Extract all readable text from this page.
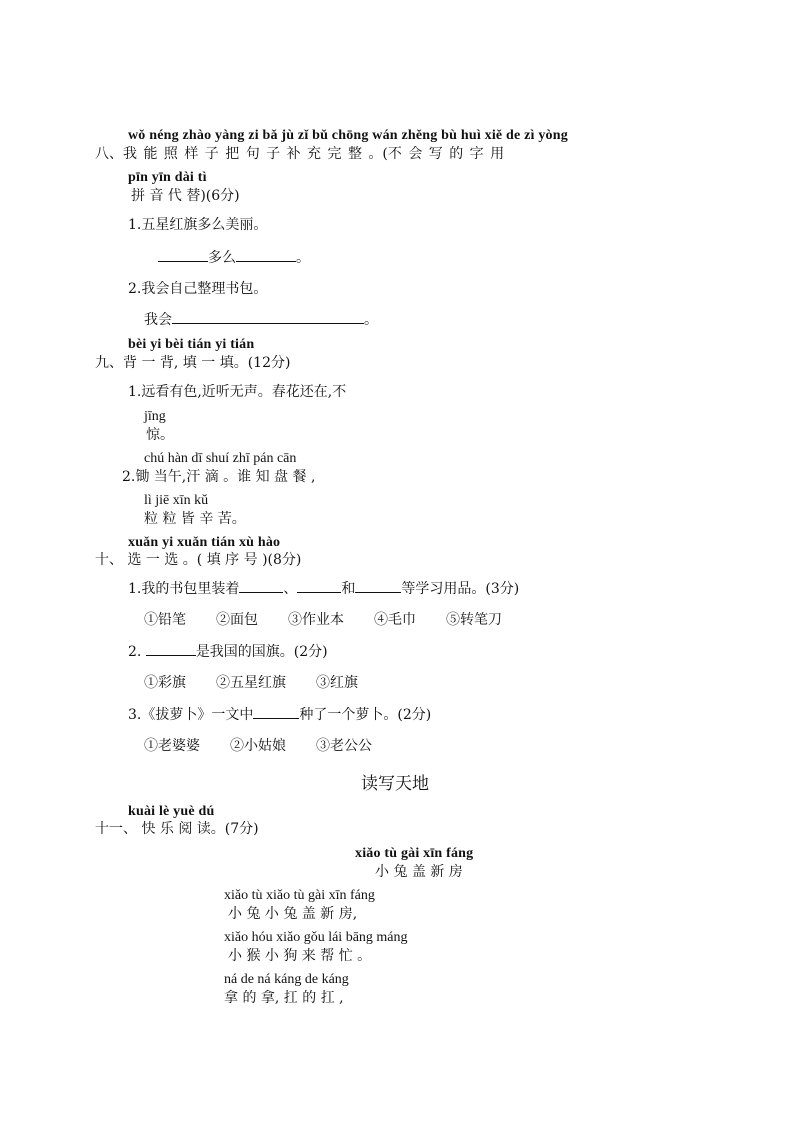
wǒ néng zhào yàng zi bǎ jù zǐ bǔ chōng wán zhěng bù huì xiě de zì yòng
八、我 能 照 样 子 把 句 子 补 充 完 整 。(不 会 写 的 字 用
pīn yīn dài tì
拼 音 代 替)(6分)
1.五星红旗多么美丽。
多么	。
2.我会自己整理书包。
我会	。
bèi yi bèi tián yi tián
九、背 一 背, 填 一 填。(12分)
1.远看有色,近听无声。春花还在,不
jīng
惊。
chú hàn dī shuí zhī pán cān
2.锄 当午,汗 滴 。谁 知 盘 餐 ,
lì jiē xīn kǔ
粒 粒 皆 辛 苦。
xuǎn yi xuǎn tián xù hào
十、 选 一 选 。( 填 序 号 )(8分)
1.我的书包里装着	、	和	等学习用品。(3分)
①铅笔 ②面包 ③作业本 ④毛巾 ⑤转笔刀
2.	是我国的国旗。(2分)
①彩旗 ②五星红旗 ③红旗
3.《拔萝卜》一文中	种了一个萝卜。(2分)
①老婆婆 ②小姑娘 ③老公公
读写天地
kuài lè yuè dú
十一、 快 乐 阅 读。(7分)
xiǎo tù gài xīn fáng
小 兔 盖 新 房
xiǎo tù xiǎo tù gài xīn fáng
小 兔 小 兔 盖 新 房,
xiǎo hóu xiǎo gǒu lái bāng máng
小 猴 小 狗 来 帮 忙 。
ná de ná káng de káng
拿 的 拿, 扛 的 扛 ,
